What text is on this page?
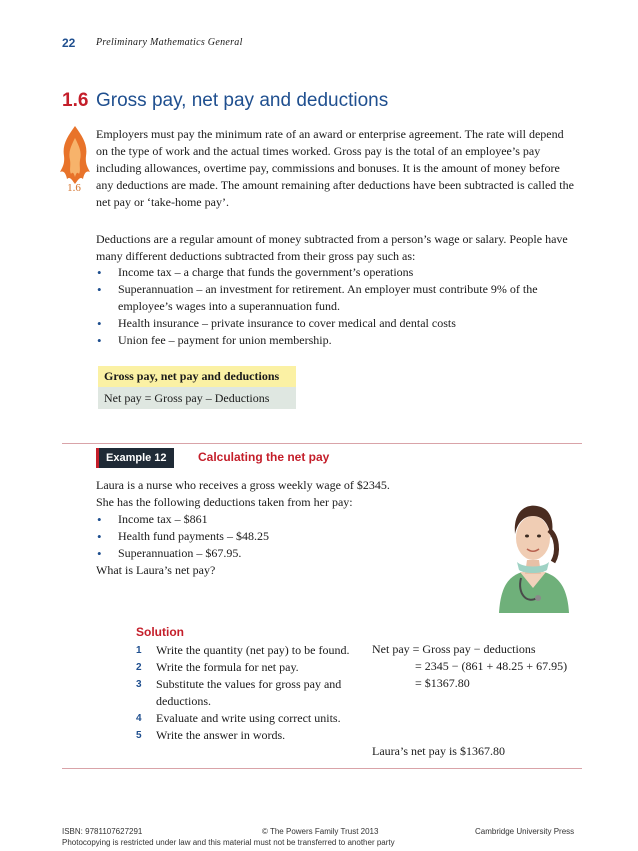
22 Preliminary Mathematics General
1.6 Gross pay, net pay and deductions
1.6
Employers must pay the minimum rate of an award or enterprise agreement. The rate will depend on the type of work and the actual times worked. Gross pay is the total of an employee’s pay including allowances, overtime pay, commissions and bonuses. It is the amount of money before any deductions are made. The amount remaining after deductions have been subtracted is called the net pay or ‘take-home pay’.
Deductions are a regular amount of money subtracted from a person’s wage or salary. People have many different deductions subtracted from their gross pay such as:
• Income tax – a charge that funds the government’s operations
• Superannuation – an investment for retirement. An employer must contribute 9% of the employee’s wages into a superannuation fund.
• Health insurance – private insurance to cover medical and dental costs
• Union fee – payment for union membership.
Gross pay, net pay and deductions
Net pay = Gross pay – Deductions
Example 12	Calculating the net pay
Laura is a nurse who receives a gross weekly wage of $2345.
She has the following deductions taken from her pay:
• Income tax – $861
• Health fund payments – $48.25
• Superannuation – $67.95.
What is Laura’s net pay?
Solution
1 Write the quantity (net pay) to be found.
2 Write the formula for net pay.
3 Substitute the values for gross pay and deductions.
4 Evaluate and write using correct units.
5 Write the answer in words.
Net pay = Gross pay − deductions
= 2345 − (861 + 48.25 + 67.95)
= $1367.80
Laura’s net pay is $1367.80
ISBN: 9781107627291	© The Powers Family Trust 2013	Cambridge University Press
Photocopying is restricted under law and this material must not be transferred to another party
